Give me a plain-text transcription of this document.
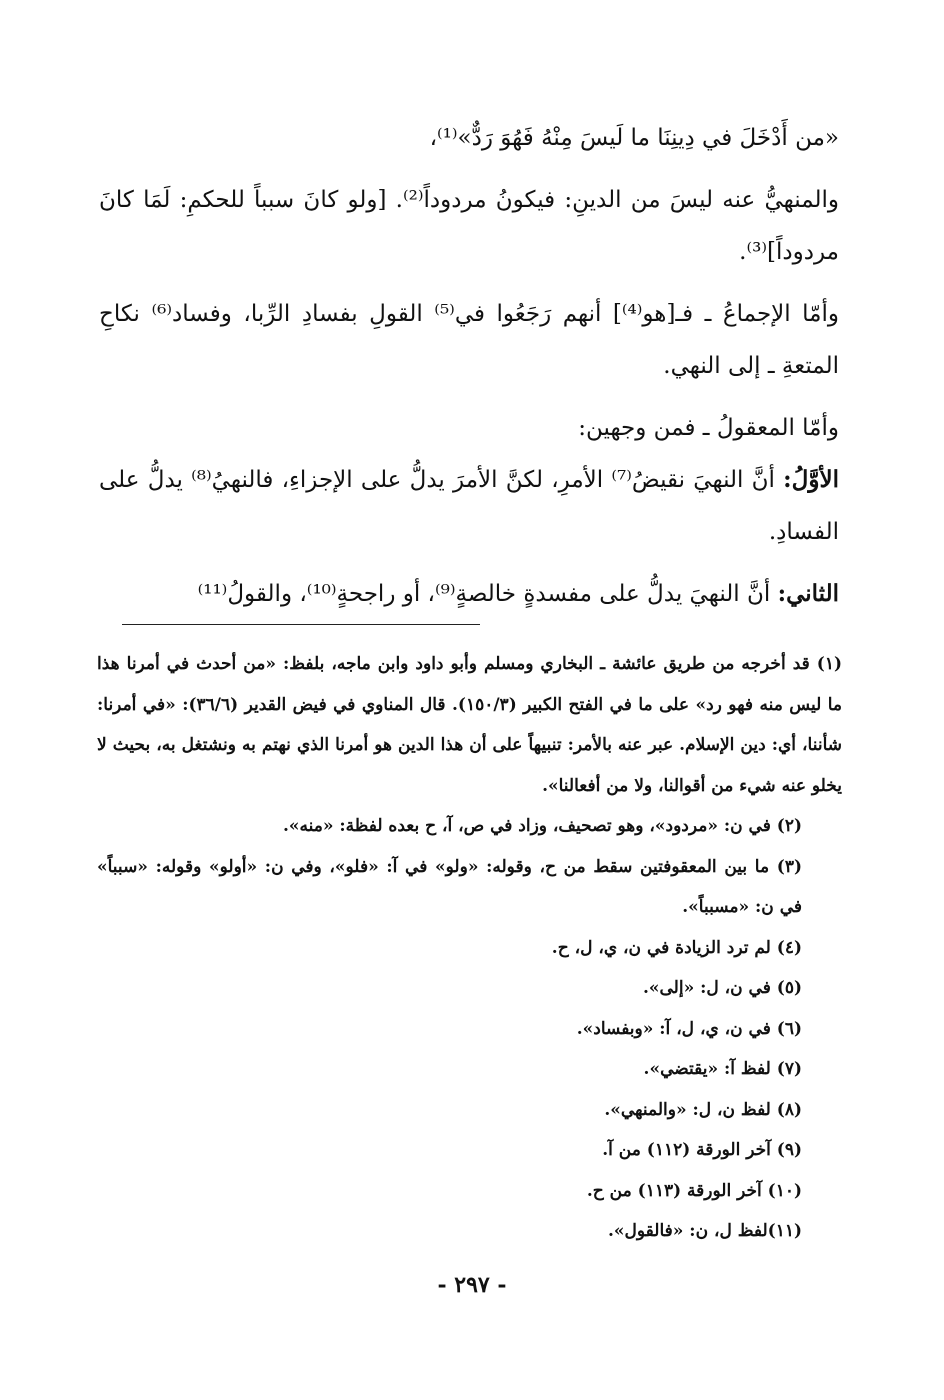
«من أَدْخَلَ في دِينِنَا ما لَيسَ مِنْهُ فَهُوَ رَدٌّ»⁽¹⁾،
والمنهيُّ عنه ليسَ من الدينِ: فيكونُ مردوداً⁽²⁾. [ولو كانَ سبباً للحكمِ: لَمَا كانَ مردوداً]⁽³⁾.
وأمّا الإجماعُ ـ فـ[هو⁽⁴⁾] أنهم رَجَعُوا في⁽⁵⁾ القولِ بفسادِ الرِّبا، وفساد⁽⁶⁾ نكاحِ المتعةِ ـ إلى النهي.
وأمّا المعقولُ ـ فمن وجهين:
الأوَّلُ: أنَّ النهيَ نقيضُ⁽⁷⁾ الأمرِ، لكنَّ الأمرَ يدلُّ على الإجزاءِ، فالنهيُ⁽⁸⁾ يدلُّ على الفسادِ.
الثاني: أنَّ النهيَ يدلُّ على مفسدةٍ خالصةٍ⁽⁹⁾، أو راجحةٍ⁽¹⁰⁾، والقولُ⁽¹¹⁾
(١) قد أخرجه من طريق عائشة ـ البخاري ومسلم وأبو داود وابن ماجه، بلفظ: «من أحدث في أمرنا هذا ما ليس منه فهو رد» على ما في الفتح الكبير (١٥٠/٣). قال المناوي في فيض القدير (٣٦/٦): «في أمرنا: شأننا، أي: دين الإسلام. عبر عنه بالأمر: تنبيهاً على أن هذا الدين هو أمرنا الذي نهتم به ونشتغل به، بحيث لا يخلو عنه شيء من أقوالنا، ولا من أفعالنا».
(٢) في ن: «مردود»، وهو تصحيف، وزاد في ص، آ، ح بعده لفظة: «منه».
(٣) ما بين المعقوفتين سقط من ح، وقوله: «ولو» في آ: «فلو»، وفي ن: «أولو» وقوله: «سبباً» في ن: «مسبباً».
(٤) لم ترد الزيادة في ن، ي، ل، ح.
(٥) في ن، ل: «إلى».
(٦) في ن، ي، ل، آ: «وبفساد».
(٧) لفظ آ: «يقتضي».
(٨) لفظ ن، ل: «والمنهي».
(٩) آخر الورقة (١١٢) من آ.
(١٠) آخر الورقة (١١٣) من ح.
(١١)لفظ ل، ن: «فالقول».
- ٢٩٧ -
